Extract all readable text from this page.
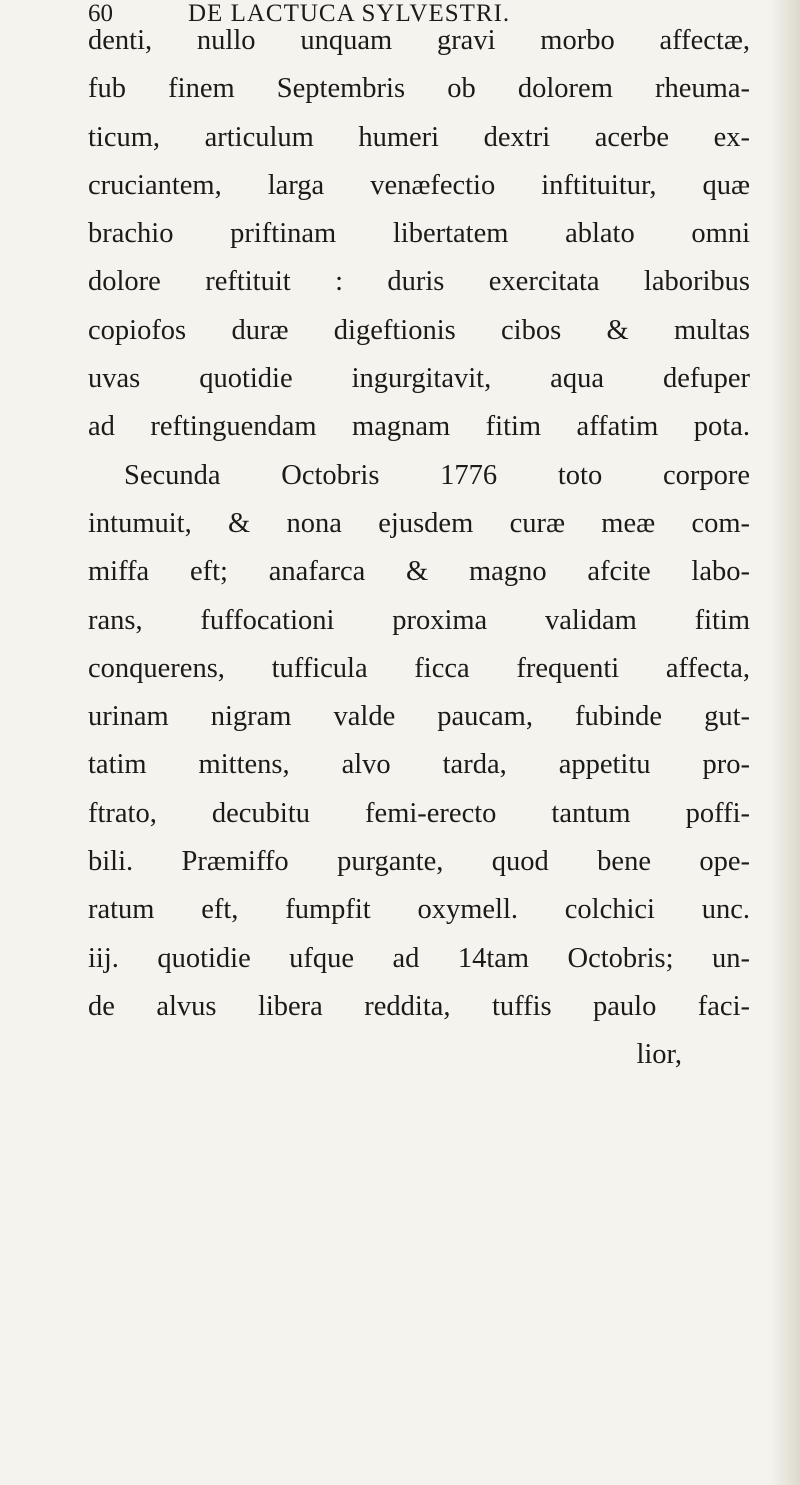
60	DE LACTUCA SYLVESTRI.
denti, nullo unquam gravi morbo affectæ,
fub finem Septembris ob dolorem rheuma-
ticum, articulum humeri dextri acerbe ex-
cruciantem, larga venæfectio inftituitur, quæ
brachio priftinam libertatem ablato omni
dolore reftituit : duris exercitata laboribus
copiofos duræ digeftionis cibos & multas
uvas quotidie ingurgitavit, aqua defuper
ad reftinguendam magnam fitim affatim pota.
Secunda Octobris 1776 toto corpore
intumuit, & nona ejusdem curæ meæ com-
miffa eft; anafarca & magno afcite labo-
rans, fuffocationi proxima validam fitim
conquerens, tufficula ficca frequenti affecta,
urinam nigram valde paucam, fubinde gut-
tatim mittens, alvo tarda, appetitu pro-
ftrato, decubitu femi-erecto tantum poffi-
bili. Præmiffo purgante, quod bene ope-
ratum eft, fumpfit oxymell. colchici unc.
iij. quotidie ufque ad 14tam Octobris; un-
de alvus libera reddita, tuffis paulo faci-
lior,
